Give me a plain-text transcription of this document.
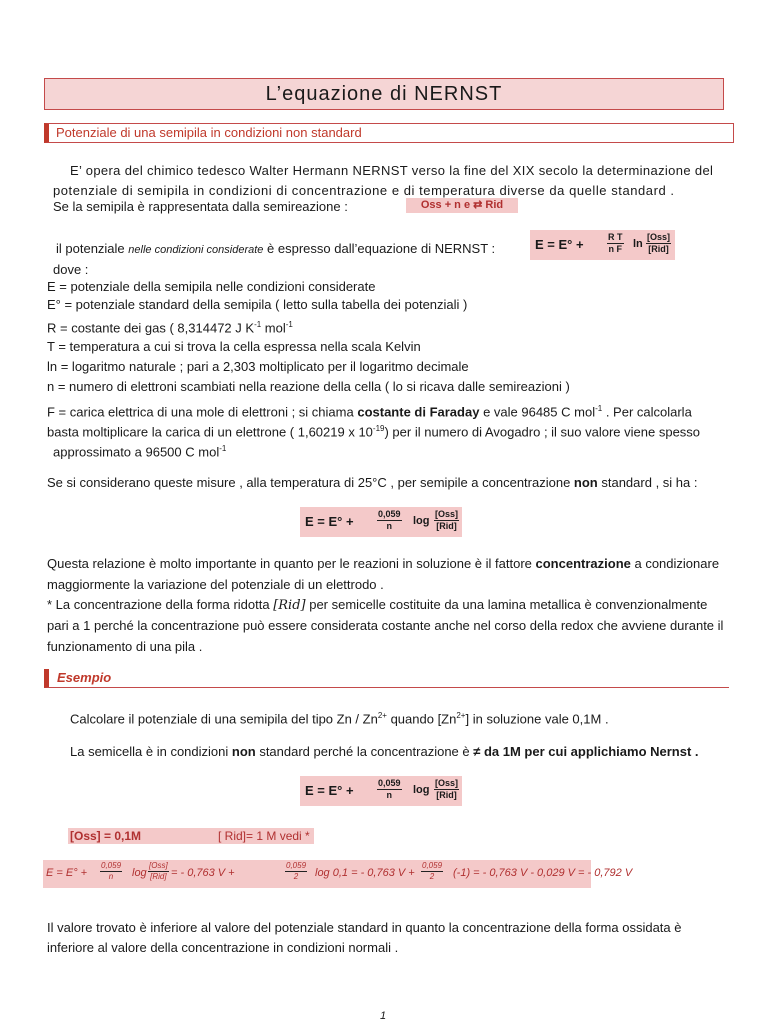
L’equazione di NERNST
Potenziale di una semipila in condizioni non standard
E’ opera del chimico tedesco Walter Hermann NERNST verso la fine del XIX secolo la determinazione del
potenziale di semipila in condizioni di concentrazione e di temperatura diverse da quelle standard .
Se la semipila è rappresentata dalla semireazione :	Oss + n e ⇄ Rid
il potenziale nelle condizioni considerate è espresso dall’equazione di NERNST :	E = E° +	$\frac{\text{R T}}{\text{n F}}$ $\ln \frac{\text{[Oss]}}{\text{[Rid]}}$
dove :
E = potenziale della semipila nelle condizioni considerate
E° = potenziale standard della semipila ( letto sulla tabella dei potenziali )
R = costante dei gas ( 8,314472 J $K^{-1}$ mol$^{-1}$
T = temperatura a cui si trova la cella espressa nella scala Kelvin
ln = logaritmo naturale ; pari a 2,303 moltiplicato per il logaritmo decimale
n = numero di elettroni scambiati nella reazione della cella ( lo si ricava dalle semireazioni )
F = carica elettrica di una mole di elettroni ; si chiama costante di Faraday e vale 96485 C mol$^{-1}$ . Per calcolarla
basta moltiplicare la carica di un elettrone ( 1,60219 x $10^{-19}$) per il numero di Avogadro ; il suo valore viene spesso
approssimato a 96500 C mol$^{-1}$
Se si considerano queste misure , alla temperatura di 25°C , per semipile a concentrazione non standard , si ha :
E = E° +	$\frac{0,059}{n}$ $\log \frac{\text{[Oss]}}{\text{[Rid]}}$
Questa relazione è molto importante in quanto per le reazioni in soluzione è il fattore concentrazione a condizionare
maggiormente la variazione del potenziale di un elettrodo .
* La concentrazione della forma ridotta [Rid] per semicelle costituite da una lamina metallica è convenzionalmente
pari a 1 perché la concentrazione può essere considerata costante anche nel corso della redox che avviene durante il
funzionamento di una pila .
Esempio
Calcolare il potenziale di una semipila del tipo Zn / $Zn^{2+}$ quando $[Zn^{2+}]$ in soluzione vale 0,1M .
La semicella è in condizioni non standard perché la concentrazione è ≠ da 1M per cui applichiamo Nernst .
E = E° +	$\frac{0,059}{n}$ $\log \frac{\text{[Oss]}}{\text{[Rid]}}$
[Oss] = 0,1M	[ Rid]= 1 M vedi *
$E = E^\circ + \frac{0,059}{n}$ $\log \frac{\text{[Oss]}}{\text{[Rid]}}$ = - 0,763 V +	$\frac{0,059}{2}$ log 0,1 = - 0,763 $V + \frac{0,059}{2} (-1)$ = - 0,763 V - 0,029 V = - 0,792 V
Il valore trovato è inferiore al valore del potenziale standard in quanto la concentrazione della forma ossidata è
inferiore al valore della concentrazione in condizioni normali .
1
